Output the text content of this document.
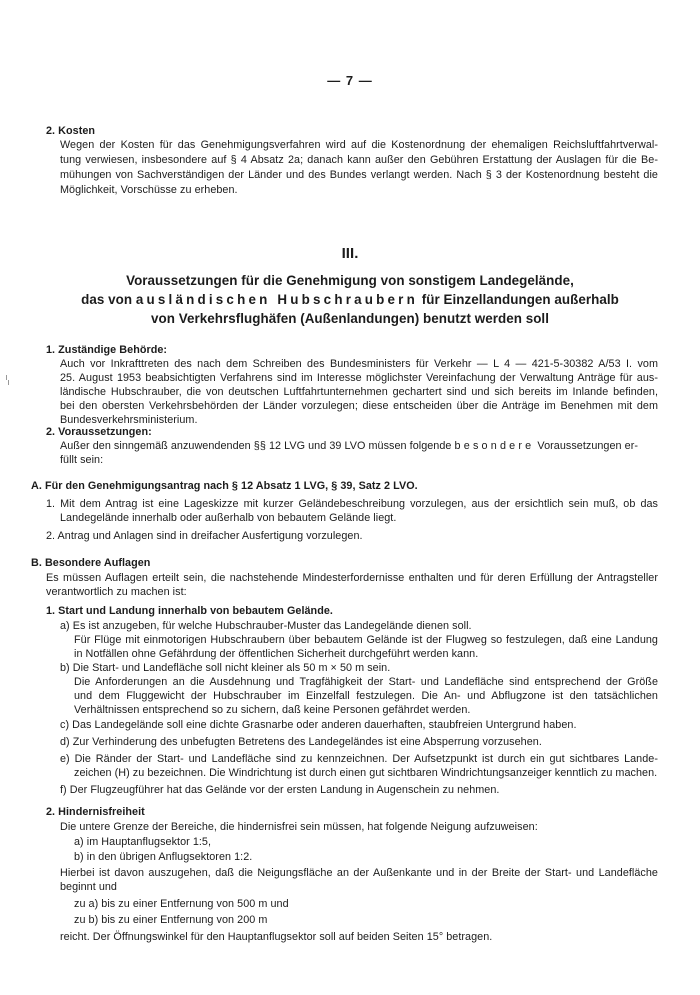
— 7 —
2. Kosten
Wegen der Kosten für das Genehmigungsverfahren wird auf die Kostenordnung der ehemaligen Reichsluftfahrtverwal-
tung verwiesen, insbesondere auf § 4 Absatz 2a; danach kann außer den Gebühren Erstattung der Auslagen für die Be-
mühungen von Sachverständigen der Länder und des Bundes verlangt werden. Nach § 3 der Kostenordnung besteht die
Möglichkeit, Vorschüsse zu erheben.
III.
Voraussetzungen für die Genehmigung von sonstigem Landegelände,
das von ausländischen Hubschraubern für Einzellandungen außerhalb
von Verkehrsflughäfen (Außenlandungen) benutzt werden soll
1. Zuständige Behörde:
Auch vor Inkrafttreten des nach dem Schreiben des Bundesministers für Verkehr — L 4 — 421-5-30382 A/53 I. vom
25. August 1953 beabsichtigten Verfahrens sind im Interesse möglichster Vereinfachung der Verwaltung Anträge für aus-
ländische Hubschrauber, die von deutschen Luftfahrtunternehmen gechartert sind und sich bereits im Inlande befinden,
bei den obersten Verkehrsbehörden der Länder vorzulegen; diese entscheiden über die Anträge im Benehmen mit dem
Bundesverkehrsministerium.
2. Voraussetzungen:
Außer den sinngemäß anzuwendenden §§ 12 LVG und 39 LVO müssen folgende besondere Voraussetzungen er-
füllt sein:
A. Für den Genehmigungsantrag nach § 12 Absatz 1 LVG, § 39, Satz 2 LVO.
1. Mit dem Antrag ist eine Lageskizze mit kurzer Geländebeschreibung vorzulegen, aus der ersichtlich sein muß, ob das
Landegelände innerhalb oder außerhalb von bebautem Gelände liegt.
2. Antrag und Anlagen sind in dreifacher Ausfertigung vorzulegen.
B. Besondere Auflagen
Es müssen Auflagen erteilt sein, die nachstehende Mindesterfordernisse enthalten und für deren Erfüllung der Antragsteller
verantwortlich zu machen ist:
1. Start und Landung innerhalb von bebautem Gelände.
a) Es ist anzugeben, für welche Hubschrauber-Muster das Landegelände dienen soll.
Für Flüge mit einmotorigen Hubschraubern über bebautem Gelände ist der Flugweg so festzulegen, daß eine Landung
in Notfällen ohne Gefährdung der öffentlichen Sicherheit durchgeführt werden kann.
b) Die Start- und Landefläche soll nicht kleiner als 50 m × 50 m sein.
Die Anforderungen an die Ausdehnung und Tragfähigkeit der Start- und Landefläche sind entsprechend der Größe
und dem Fluggewicht der Hubschrauber im Einzelfall festzulegen. Die An- und Abflugzone ist den tatsächlichen
Verhältnissen entsprechend so zu sichern, daß keine Personen gefährdet werden.
c) Das Landegelände soll eine dichte Grasnarbe oder anderen dauerhaften, staubfreien Untergrund haben.
d) Zur Verhinderung des unbefugten Betretens des Landegeländes ist eine Absperrung vorzusehen.
e) Die Ränder der Start- und Landefläche sind zu kennzeichnen. Der Aufsetzpunkt ist durch ein gut sichtbares Lande-
zeichen (H) zu bezeichnen. Die Windrichtung ist durch einen gut sichtbaren Windrichtungsanzeiger kenntlich zu machen.
f) Der Flugzeugführer hat das Gelände vor der ersten Landung in Augenschein zu nehmen.
2. Hindernisfreiheit
Die untere Grenze der Bereiche, die hindernisfrei sein müssen, hat folgende Neigung aufzuweisen:
a) im Hauptanflugsektor 1:5,
b) in den übrigen Anflugsektoren 1:2.
Hierbei ist davon auszugehen, daß die Neigungsfläche an der Außenkante und in der Breite der Start- und Landefläche
beginnt und
zu a) bis zu einer Entfernung von 500 m und
zu b) bis zu einer Entfernung von 200 m
reicht. Der Öffnungswinkel für den Hauptanflugsektor soll auf beiden Seiten 15° betragen.
